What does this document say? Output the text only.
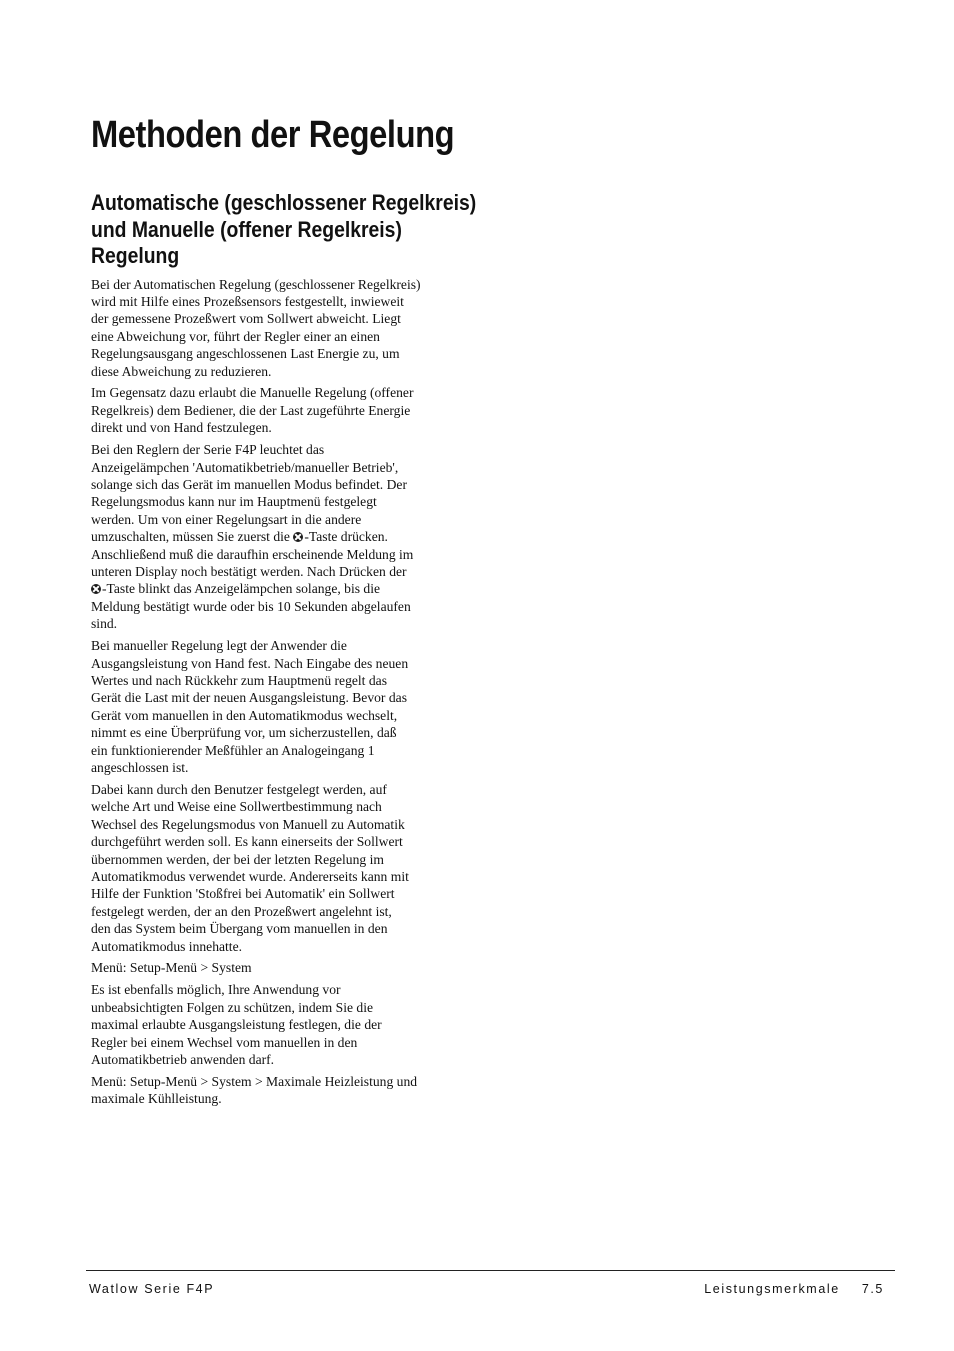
Methoden der Regelung
Automatische (geschlossener Regelkreis)
und Manuelle (offener Regelkreis)
Regelung

Bei der Automatischen Regelung (geschlossener Regelkreis)
wird mit Hilfe eines Prozeßsensors festgestellt, inwieweit
der gemessene Prozeßwert vom Sollwert abweicht. Liegt
eine Abweichung vor, führt der Regler einer an einen
Regelungsausgang angeschlossenen Last Energie zu, um
diese Abweichung zu reduzieren.

Im Gegensatz dazu erlaubt die Manuelle Regelung (offener
Regelkreis) dem Bediener, die der Last zugeführte Energie
direkt und von Hand festzulegen.

Bei den Reglern der Serie F4P leuchtet das
Anzeigelämpchen 'Automatikbetrieb/manueller Betrieb',
solange sich das Gerät im manuellen Modus befindet. Der
Regelungsmodus kann nur im Hauptmenü festgelegt
werden. Um von einer Regelungsart in die andere
umzuschalten, müssen Sie zuerst die -Taste drücken.
Anschließend muß die daraufhin erscheinende Meldung im
unteren Display noch bestätigt werden. Nach Drücken der
-Taste blinkt das Anzeigelämpchen solange, bis die
Meldung bestätigt wurde oder bis 10 Sekunden abgelaufen
sind.

Bei manueller Regelung legt der Anwender die
Ausgangsleistung von Hand fest. Nach Eingabe des neuen
Wertes und nach Rückkehr zum Hauptmenü regelt das
Gerät die Last mit der neuen Ausgangsleistung. Bevor das
Gerät vom manuellen in den Automatikmodus wechselt,
nimmt es eine Überprüfung vor, um sicherzustellen, daß
ein funktionierender Meßfühler an Analogeingang 1
angeschlossen ist.

Dabei kann durch den Benutzer festgelegt werden, auf
welche Art und Weise eine Sollwertbestimmung nach
Wechsel des Regelungsmodus von Manuell zu Automatik
durchgeführt werden soll. Es kann einerseits der Sollwert
übernommen werden, der bei der letzten Regelung im
Automatikmodus verwendet wurde. Andererseits kann mit
Hilfe der Funktion 'Stoßfrei bei Automatik' ein Sollwert
festgelegt werden, der an den Prozeßwert angelehnt ist,
den das System beim Übergang vom manuellen in den
Automatikmodus innehatte.

Menü: Setup-Menü > System

Es ist ebenfalls möglich, Ihre Anwendung vor
unbeabsichtigten Folgen zu schützen, indem Sie die
maximal erlaubte Ausgangsleistung festlegen, die der
Regler bei einem Wechsel vom manuellen in den
Automatikbetrieb anwenden darf.

Menü: Setup-Menü > System > Maximale Heizleistung und
maximale Kühlleistung.

Watlow Serie F4P	Leistungsmerkmale 7.5
